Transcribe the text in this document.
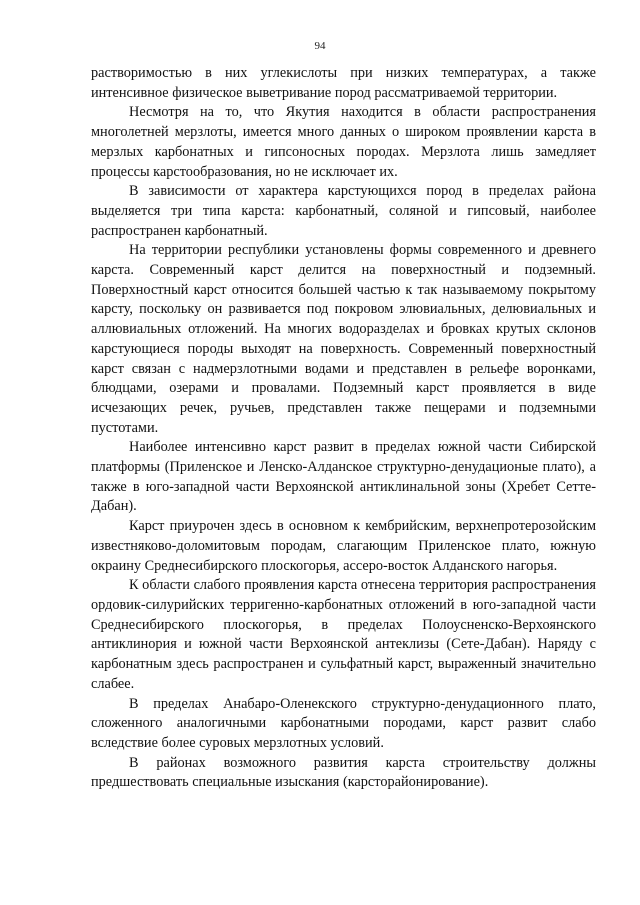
94

растворимостью в них углекислоты при низких температурах, а также интенсивное физическое выветривание пород рассматриваемой территории.

Несмотря на то, что Якутия находится в области распространения многолетней мерзлоты, имеется много данных о широком проявлении карста в мерзлых карбонатных и гипсоносных породах. Мерзлота лишь замедляет процессы карстообразования, но не исключает их.

В зависимости от характера карстующихся пород в пределах района выделяется три типа карста: карбонатный, соляной и гипсовый, наиболее распространен карбонатный.

На территории республики установлены формы современного и древнего карста. Современный карст делится на поверхностный и подземный. Поверхностный карст относится большей частью к так называемому покрытому карсту, поскольку он развивается под покровом элювиальных, делювиальных и аллювиальных отложений. На многих водоразделах и бровках крутых склонов карстующиеся породы выходят на поверхность. Современный поверхностный карст связан с надмерзлотными водами и представлен в рельефе воронками, блюдцами, озерами и провалами. Подземный карст проявляется в виде исчезающих речек, ручьев, представлен также пещерами и подземными пустотами.

Наиболее интенсивно карст развит в пределах южной части Сибирской платформы (Приленское и Ленско-Алданское структурно-денудационые плато), а также в юго-западной части Верхоянской антиклинальной зоны (Хребет Сетте-Дабан).

Карст приурочен здесь в основном к кембрийским, верхнепротерозойским известняково-доломитовым породам, слагающим Приленское плато, южную окраину Среднесибирского плоскогорья, ассеро-восток Алданского нагорья.

К области слабого проявления карста отнесена территория распространения ордовик-силурийских терригенно-карбонатных отложений в юго-западной части Среднесибирского плоскогорья, в пределах Полоусненско-Верхоянского антиклинория и южной части Верхоянской антеклизы (Сете-Дабан). Наряду с карбонатным здесь распространен и сульфатный карст, выраженный значительно слабее.

В пределах Анабаро-Оленекского структурно-денудационного плато, сложенного аналогичными карбонатными породами, карст развит слабо вследствие более суровых мерзлотных условий.

В районах возможного развития карста строительству должны предшествовать специальные изыскания (карсторайонирование).
